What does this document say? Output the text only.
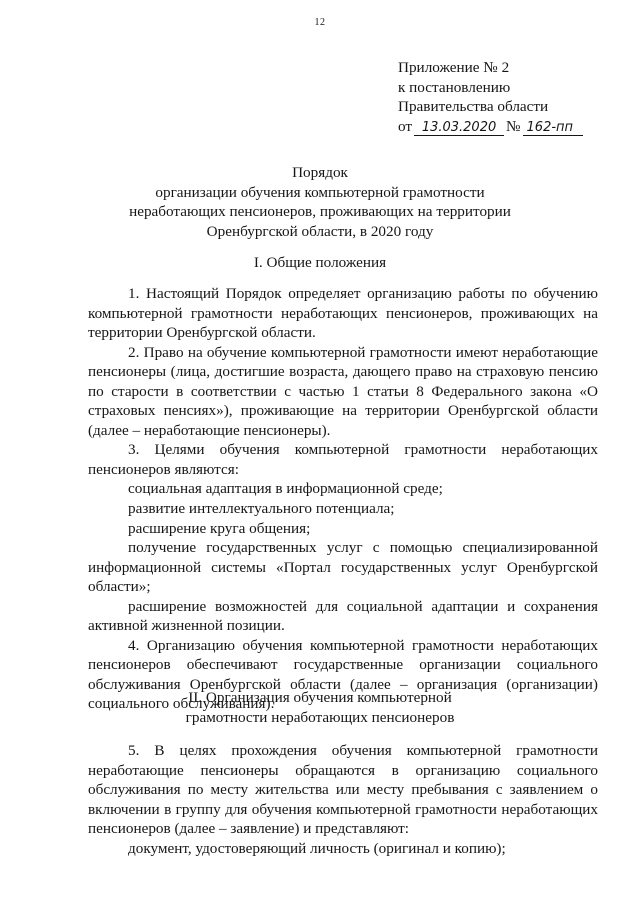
12
Приложение № 2
к постановлению
Правительства области
от 13.03.2020 № 162-пп
Порядок
организации обучения компьютерной грамотности
неработающих пенсионеров, проживающих на территории
Оренбургской области, в 2020 году
I. Общие положения

1. Настоящий Порядок определяет организацию работы по обучению компьютерной грамотности неработающих пенсионеров, проживающих на территории Оренбургской области.

2. Право на обучение компьютерной грамотности имеют неработающие пенсионеры (лица, достигшие возраста, дающего право на страховую пенсию по старости в соответствии с частью 1 статьи 8 Федерального закона «О страховых пенсиях»), проживающие на территории Оренбургской области (далее – неработающие пенсионеры).

3. Целями обучения компьютерной грамотности неработающих пенсионеров являются:

социальная адаптация в информационной среде;

развитие интеллектуального потенциала;

расширение круга общения;

получение государственных услуг с помощью специализированной информационной системы «Портал государственных услуг Оренбургской области»;

расширение возможностей для социальной адаптации и сохранения активной жизненной позиции.

4. Организацию обучения компьютерной грамотности неработающих пенсионеров обеспечивают государственные организации социального обслуживания Оренбургской области (далее – организация (организации) социального обслуживания).

II. Организация обучения компьютерной
грамотности неработающих пенсионеров

5. В целях прохождения обучения компьютерной грамотности неработающие пенсионеры обращаются в организацию социального обслуживания по месту жительства или месту пребывания с заявлением о включении в группу для обучения компьютерной грамотности неработающих пенсионеров (далее – заявление) и представляют:

документ, удостоверяющий личность (оригинал и копию);
